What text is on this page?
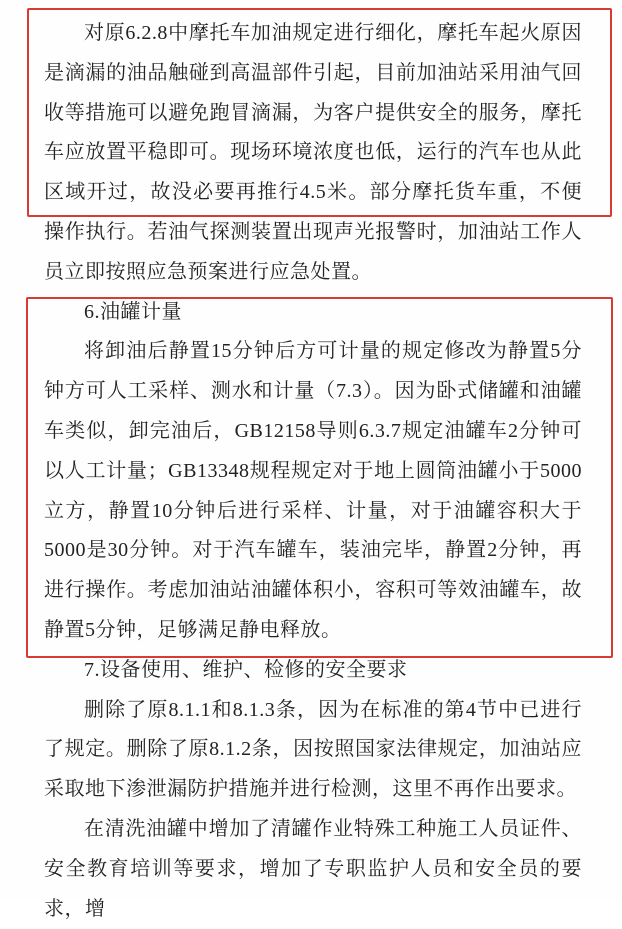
对原6.2.8中摩托车加油规定进行细化，摩托车起火原因是滴漏的油品触碰到高温部件引起，目前加油站采用油气回收等措施可以避免跑冒滴漏，为客户提供安全的服务，摩托车应放置平稳即可。现场环境浓度也低，运行的汽车也从此区域开过，故没必要再推行4.5米。部分摩托货车重，不便操作执行。若油气探测装置出现声光报警时，加油站工作人员立即按照应急预案进行应急处置。

6.油罐计量

将卸油后静置15分钟后方可计量的规定修改为静置5分钟方可人工采样、测水和计量（7.3）。因为卧式储罐和油罐车类似，卸完油后，GB12158导则6.3.7规定油罐车2分钟可以人工计量；GB13348规程规定对于地上圆筒油罐小于5000立方，静置10分钟后进行采样、计量，对于油罐容积大于5000是30分钟。对于汽车罐车，装油完毕，静置2分钟，再进行操作。考虑加油站油罐体积小，容积可等效油罐车，故静置5分钟，足够满足静电释放。

7.设备使用、维护、检修的安全要求

删除了原8.1.1和8.1.3条，因为在标准的第4节中已进行了规定。删除了原8.1.2条，因按照国家法律规定，加油站应采取地下渗泄漏防护措施并进行检测，这里不再作出要求。

在清洗油罐中增加了清罐作业特殊工种施工人员证件、安全教育培训等要求，增加了专职监护人员和安全员的要求，增
